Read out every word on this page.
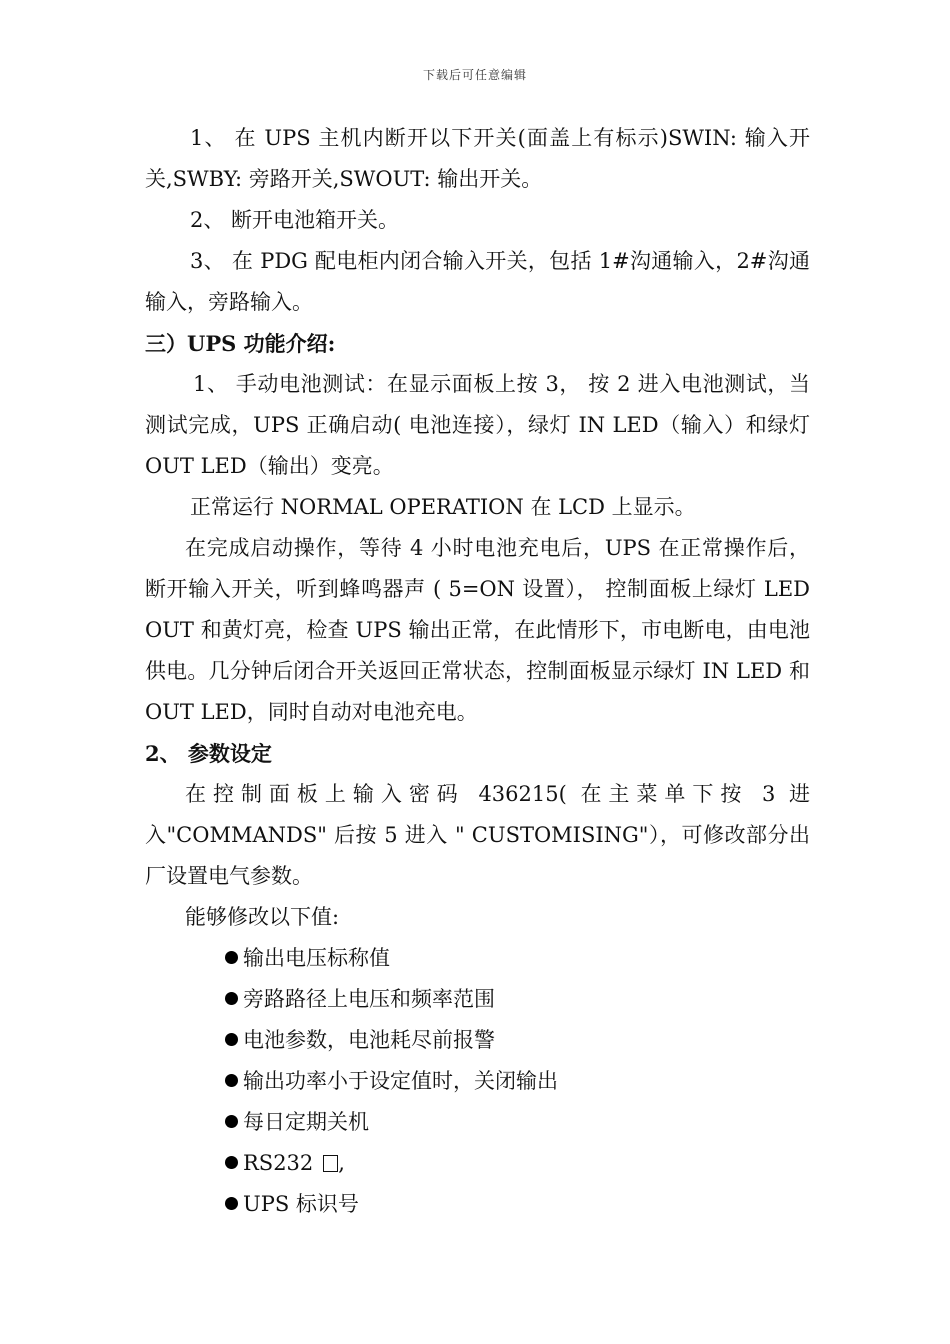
下载后可任意编辑

1、 在 UPS 主机内断开以下开关(面盖上有标示)SWIN: 输入开关,SWBY: 旁路开关,SWOUT: 输出开关。

2、 断开电池箱开关。

3、 在 PDG 配电柜内闭合输入开关，包括 1#沟通输入，2#沟通输入，旁路输入。

三）UPS 功能介绍:

1、 手动电池测试：在显示面板上按 3， 按 2 进入电池测试，当测试完成，UPS 正确启动( 电池连接），绿灯 IN LED（输入）和绿灯 OUT LED（输出）变亮。

正常运行 NORMAL OPERATION 在 LCD 上显示。

在完成启动操作，等待 4 小时电池充电后，UPS 在正常操作后， 断开输入开关，听到蜂鸣器声 ( 5=ON 设置）， 控制面板上绿灯 LED OUT 和黄灯亮，检查 UPS 输出正常，在此情形下，市电断电，由电池供电。几分钟后闭合开关返回正常状态，控制面板显示绿灯 IN LED 和 OUT LED，同时自动对电池充电。

2、 参数设定

在控制面板上输入密码 436215( 在主菜单下按 3 进入"COMMANDS" 后按 5 进入 " CUSTOMISING"），可修改部分出厂设置电气参数。

能够修改以下值:

输出电压标称值
旁路路径上电压和频率范围
电池参数，电池耗尽前报警
输出功率小于设定值时，关闭输出
每日定期关机
RS232 ,
UPS 标识号
